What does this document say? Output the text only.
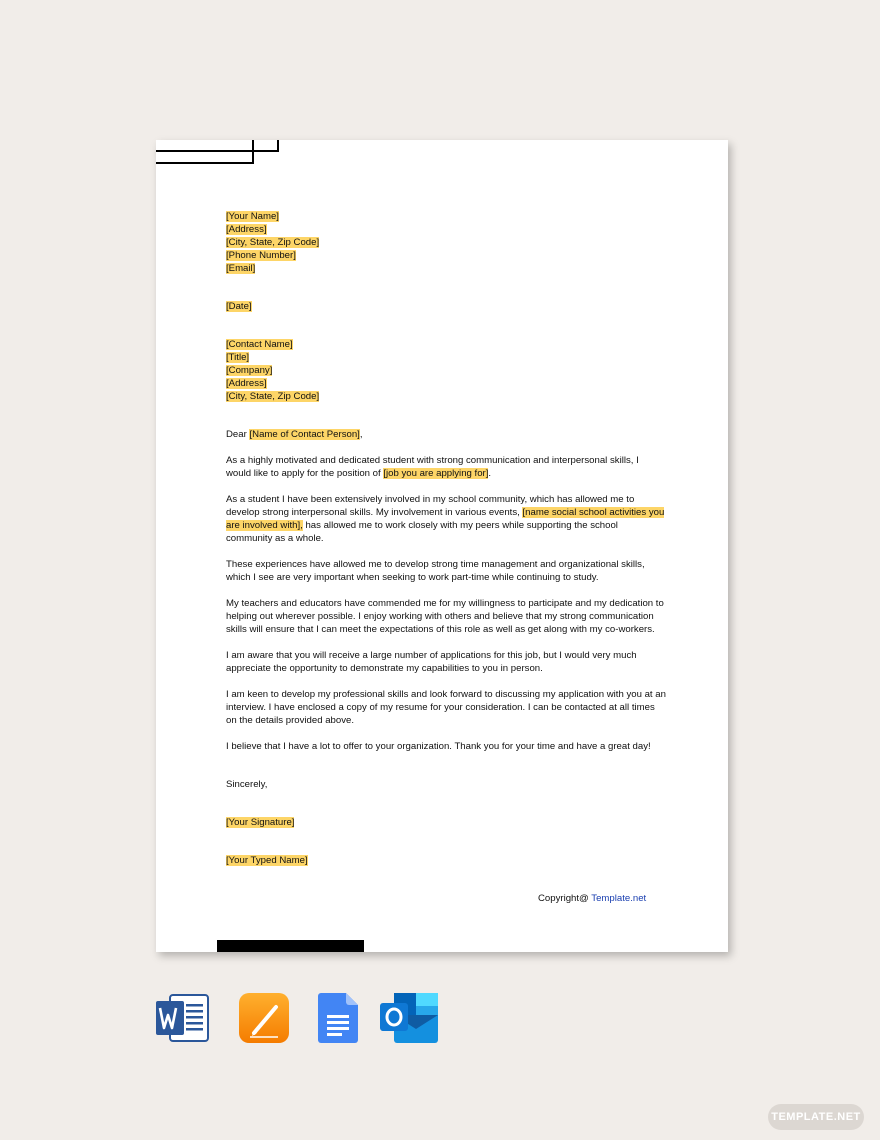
[Your Name]
[Address]
[City, State, Zip Code]
[Phone Number]
[Email]
[Date]
[Contact Name]
[Title]
[Company]
[Address]
[City, State, Zip Code]

Dear [Name of Contact Person],

As a highly motivated and dedicated student with strong communication and interpersonal skills, I would like to apply for the position of [job you are applying for].

As a student I have been extensively involved in my school community, which has allowed me to develop strong interpersonal skills. My involvement in various events, [name social school activities you are involved with], has allowed me to work closely with my peers while supporting the school community as a whole.

These experiences have allowed me to develop strong time management and organizational skills, which I see are very important when seeking to work part-time while continuing to study.

My teachers and educators have commended me for my willingness to participate and my dedication to helping out wherever possible. I enjoy working with others and believe that my strong communication skills will ensure that I can meet the expectations of this role as well as get along with my co-workers.

I am aware that you will receive a large number of applications for this job, but I would very much appreciate the opportunity to demonstrate my capabilities to you in person.

I am keen to develop my professional skills and look forward to discussing my application with you at an interview. I have enclosed a copy of my resume for your consideration. I can be contacted at all times on the details provided above.

I believe that I have a lot to offer to your organization. Thank you for your time and have a great day!

Sincerely,
[Your Signature]
[Your Typed Name]
Copyright@ Template.net
TEMPLATE.NET
